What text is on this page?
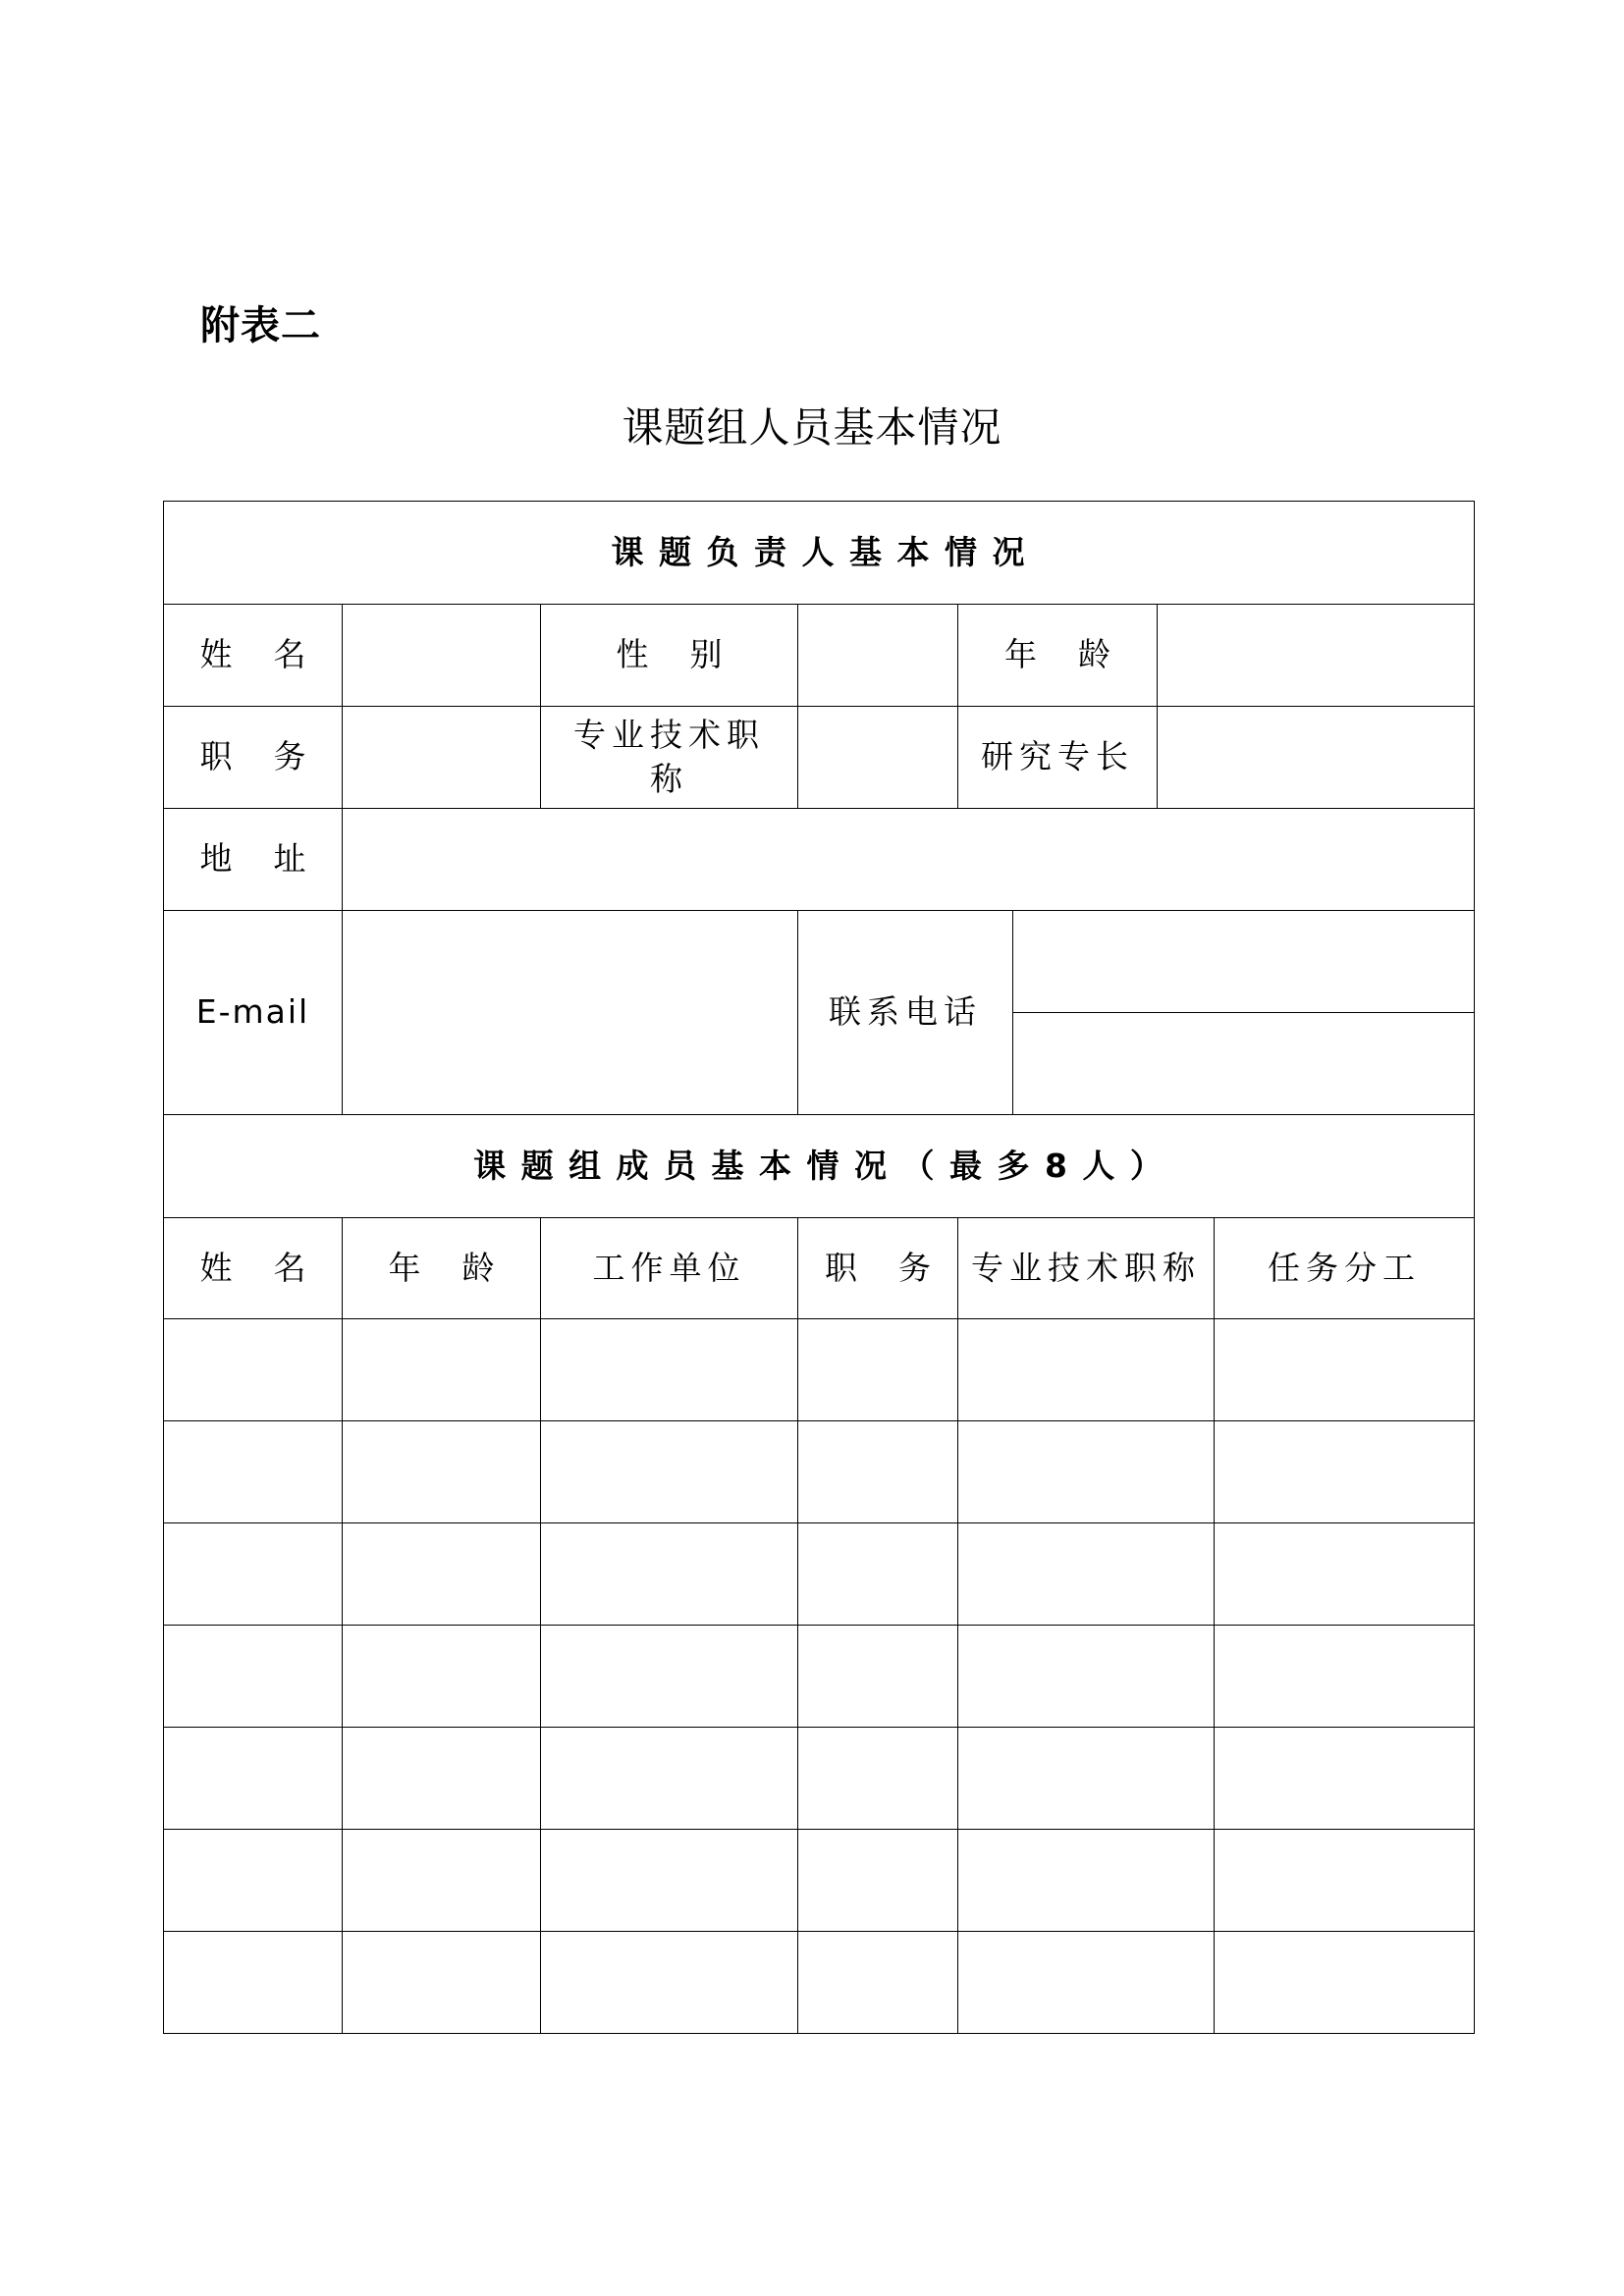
附表二
课题组人员基本情况
课 题 负 责 人 基 本 情 况
姓    名		性    别		年    龄	
职    务		专业技术职称		研究专长	
地    址	
E-mail		联系电话	

课 题 组 成 员 基 本 情 况 （ 最 多 8 人 ）
姓    名	年    龄	工作单位	职    务	专业技术职称	任务分工
